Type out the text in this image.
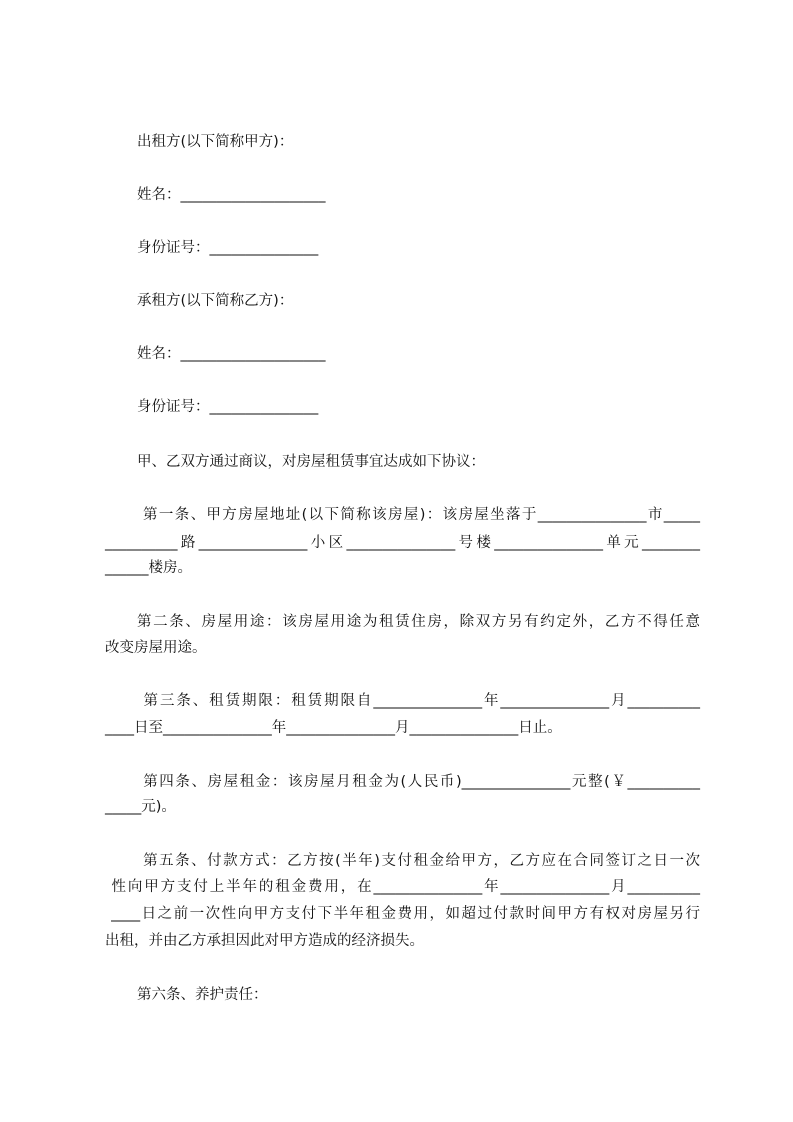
出租方(以下简称甲方)：
姓名：____________________
身份证号：_______________
承租方(以下简称乙方)：
姓名：____________________
身份证号：_______________
甲、乙双方通过商议，对房屋租赁事宜达成如下协议：
第一条、甲方房屋地址(以下简称该房屋)：该房屋坐落于_______________市_____
__________路_______________小区_______________号楼_______________单元________
______楼房。
第二条、房屋用途：该房屋用途为租赁住房，除双方另有约定外，乙方不得任意
改变房屋用途。
第三条、租赁期限：租赁期限自_______________年_______________月__________
____日至_______________年_______________月_______________日止。
第四条、房屋租金：该房屋月租金为(人民币)_______________元整(￥__________
_____元)。
第五条、付款方式：乙方按(半年)支付租金给甲方，乙方应在合同签订之日一次
性向甲方支付上半年的租金费用，在_______________年_______________月__________
____日之前一次性向甲方支付下半年租金费用，如超过付款时间甲方有权对房屋另行
出租，并由乙方承担因此对甲方造成的经济损失。
第六条、养护责任：
